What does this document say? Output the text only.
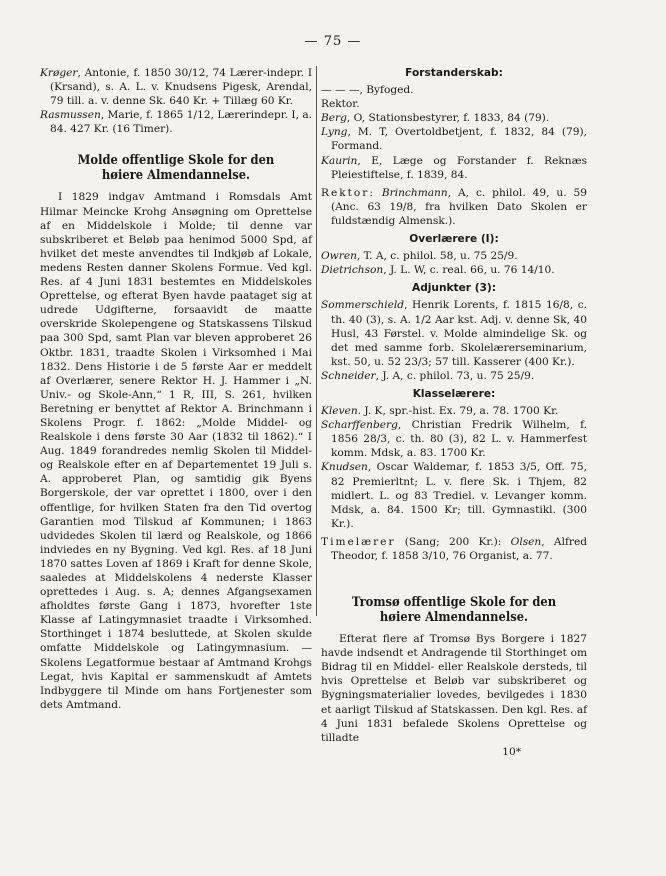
— 75 —

Krøger, Antonie, f. 1850 30/12, 74 Lærer-indepr. I (Krsand), s. A. L. v. Knudsens Pigesk, Arendal, 79 till. a. v. denne Sk. 640 Kr. + Tillæg 60 Kr.

Rasmussen, Marie, f. 1865 1/12, Lærerindepr. I, a. 84. 427 Kr. (16 Timer).

Molde offentlige Skole for den høiere Almendannelse.

I 1829 indgav Amtmand i Romsdals Amt Hilmar Meincke Krohg Ansøgning om Oprettelse af en Middelskole i Molde; til denne var subskriberet et Beløb paa henimod 5000 Spd, af hvilket det meste anvendtes til Indkjøb af Lokale, medens Resten danner Skolens Formue. Ved kgl. Res. af 4 Juni 1831 bestemtes en Middelskoles Oprettelse, og efterat Byen havde paataget sig at udrede Udgifterne, forsaavidt de maatte overskride Skolepengene og Statskassens Tilskud paa 300 Spd, samt Plan var bleven approberet 26 Oktbr. 1831, traadte Skolen i Virksomhed i Mai 1832. Dens Historie i de 5 første Aar er meddelt af Overlærer, senere Rektor H. J. Hammer i „N. Univ.- og Skole-Ann,“ 1 R, III, S. 261, hvilken Beretning er benyttet af Rektor A. Brinchmann i Skolens Progr. f. 1862: „Molde Middel- og Realskole i dens første 30 Aar (1832 til 1862).“ I Aug. 1849 forandredes nemlig Skolen til Middel- og Realskole efter en af Departementet 19 Juli s. A. approberet Plan, og samtidig gik Byens Borgerskole, der var oprettet i 1800, over i den offentlige, for hvilken Staten fra den Tid overtog Garantien mod Tilskud af Kommunen; i 1863 udvidedes Skolen til lærd og Realskole, og 1866 indviedes en ny Bygning. Ved kgl. Res. af 18 Juni 1870 sattes Loven af 1869 i Kraft for denne Skole, saaledes at Middelskolens 4 nederste Klasser oprettedes i Aug. s. A; dennes Afgangsexamen afholdtes første Gang i 1873, hvorefter 1ste Klasse af Latingymnasiet traadte i Virksomhed. Storthinget i 1874 besluttede, at Skolen skulde omfatte Middelskole og Latingymnasium. — Skolens Legatformue bestaar af Amtmand Krohgs Legat, hvis Kapital er sammenskudt af Amtets Indbyggere til Minde om hans Fortjenester som dets Amtmand.

Forstanderskab:

— — —, Byfoged.

Rektor.

Berg, O, Stationsbestyrer, f. 1833, 84 (79).

Lyng, M. T, Overtoldbetjent, f. 1832, 84 (79), Formand.

Kaurin, E, Læge og Forstander f. Reknæs Pleiestiftelse, f. 1839, 84.

Rektor: Brinchmann, A, c. philol. 49, u. 59 (Anc. 63 19/8, fra hvilken Dato Skolen er fuldstændig Almensk.).

Overlærere (I):

Owren, T. A, c. philol. 58, u. 75 25/9.

Dietrichson, J. L. W, c. real. 66, u. 76 14/10.

Adjunkter (3):

Sommerschield, Henrik Lorents, f. 1815 16/8, c. th. 40 (3), s. A. 1/2 Aar kst. Adj. v. denne Sk, 40 Husl, 43 Førstel. v. Molde almindelige Sk. og det med samme forb. Skolelærerseminarium, kst. 50, u. 52 23/3; 57 till. Kasserer (400 Kr.).

Schneider, J. A, c. philol. 73, u. 75 25/9.

Klasselærere:

Kleven. J. K, spr.-hist. Ex. 79, a. 78. 1700 Kr.

Scharffenberg, Christian Fredrik Wilhelm, f. 1856 28/3, c. th. 80 (3), 82 L. v. Hammerfest komm. Mdsk, a. 83. 1700 Kr.

Knudsen, Oscar Waldemar, f. 1853 3/5, Off. 75, 82 Premierltnt; L. v. flere Sk. i Thjem, 82 midlert. L. og 83 Trediel. v. Levanger komm. Mdsk, a. 84. 1500 Kr; till. Gymnastikl. (300 Kr.).

Timelærer (Sang; 200 Kr.): Olsen, Alfred Theodor, f. 1858 3/10, 76 Organist, a. 77.

Tromsø offentlige Skole for den høiere Almendannelse.

Efterat flere af Tromsø Bys Borgere i 1827 havde indsendt et Andragende til Storthinget om Bidrag til en Middel- eller Realskole dersteds, til hvis Oprettelse et Beløb var subskriberet og Bygningsmaterialier lovedes, bevilgedes i 1830 et aarligt Tilskud af Statskassen. Den kgl. Res. af 4 Juni 1831 befalede Skolens Oprettelse og tilladte

10*
